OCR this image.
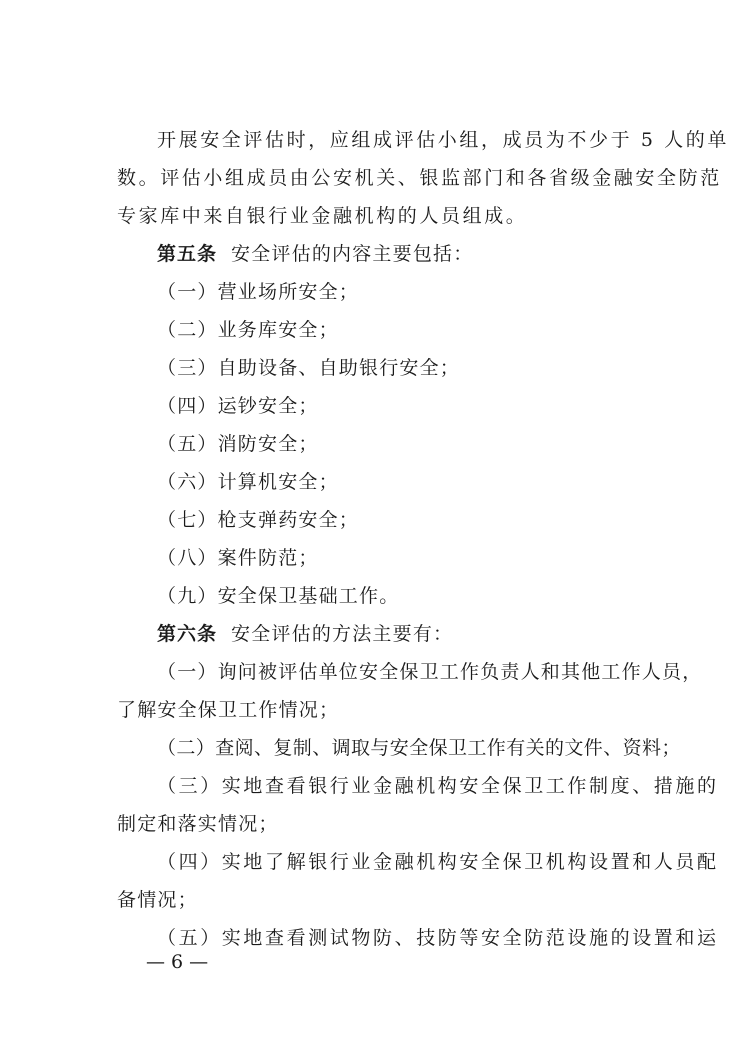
开展安全评估时，应组成评估小组，成员为不少于 5 人的单
数。评估小组成员由公安机关、银监部门和各省级金融安全防范
专家库中来自银行业金融机构的人员组成。
第五条 安全评估的内容主要包括：
（一）营业场所安全；
（二）业务库安全；
（三）自助设备、自助银行安全；
（四）运钞安全；
（五）消防安全；
（六）计算机安全；
（七）枪支弹药安全；
（八）案件防范；
（九）安全保卫基础工作。
第六条 安全评估的方法主要有：
（一）询问被评估单位安全保卫工作负责人和其他工作人员，
了解安全保卫工作情况；
（二）查阅、复制、调取与安全保卫工作有关的文件、资料；
（三）实地查看银行业金融机构安全保卫工作制度、措施的
制定和落实情况；
（四）实地了解银行业金融机构安全保卫机构设置和人员配
备情况；
（五）实地查看测试物防、技防等安全防范设施的设置和运
— 6 —
